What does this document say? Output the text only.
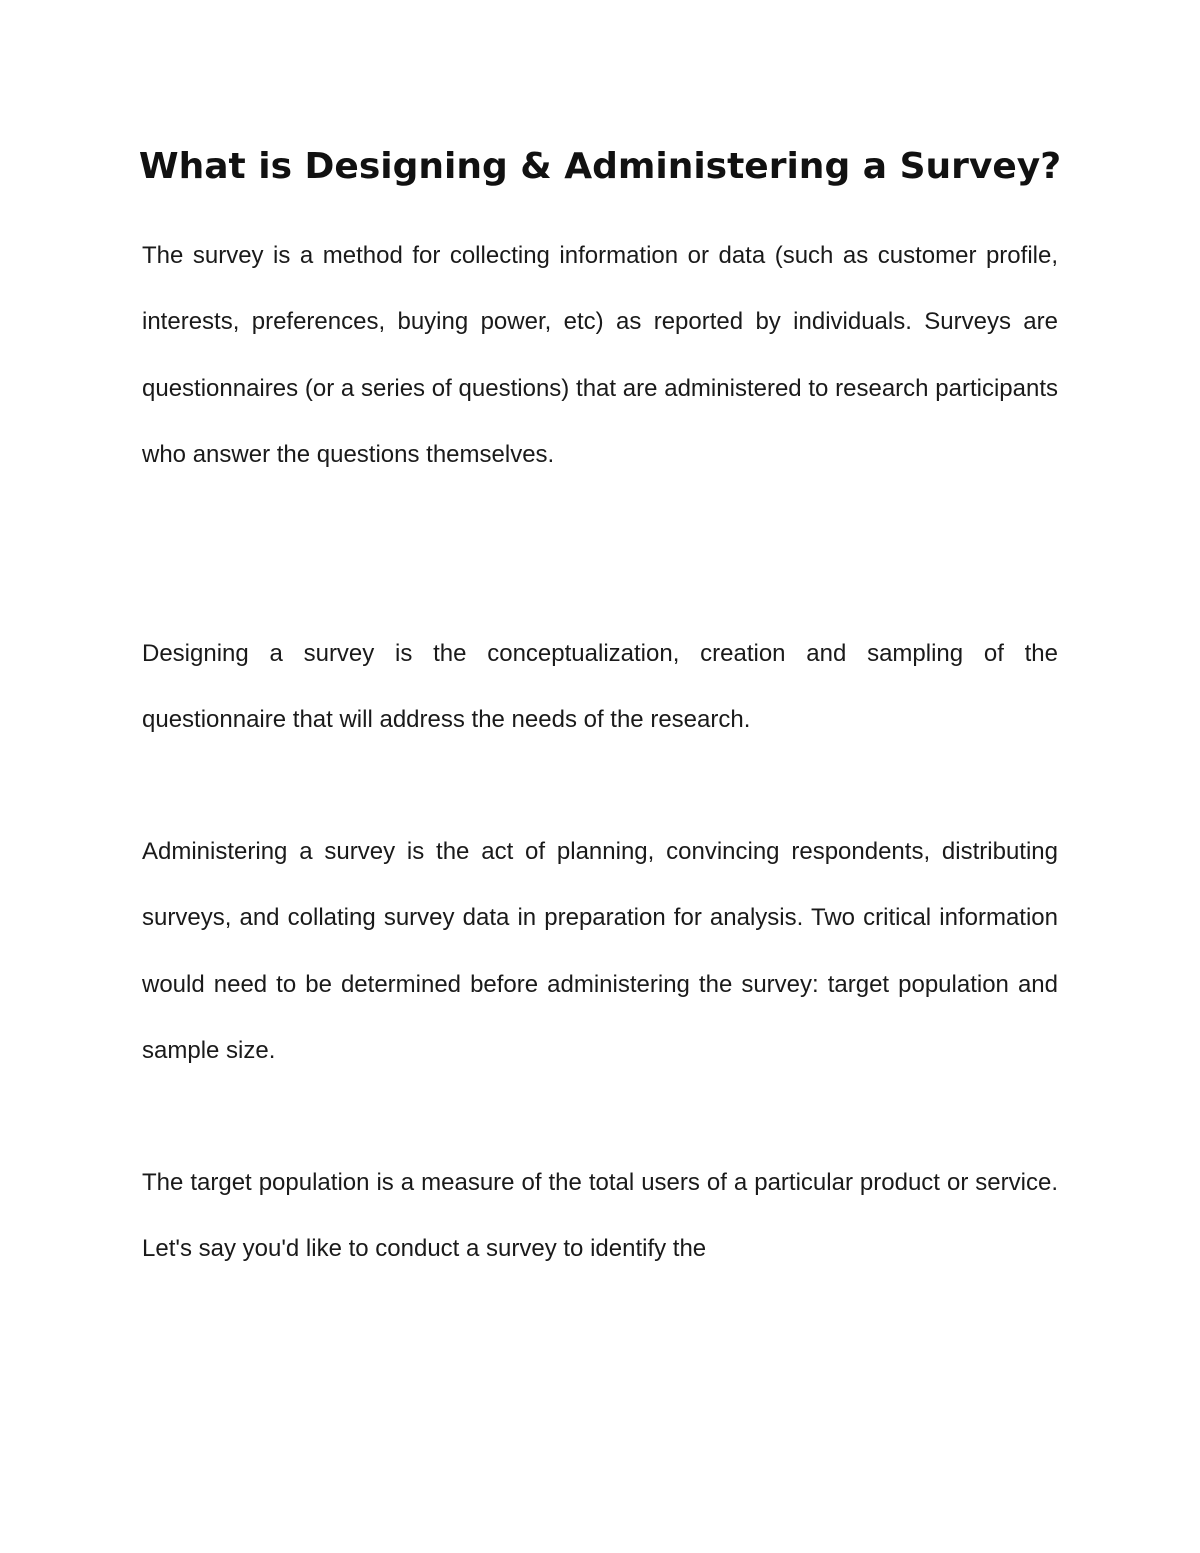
What is Designing & Administering a Survey?

The survey is a method for collecting information or data (such as customer profile, interests, preferences, buying power, etc) as reported by individuals. Surveys are questionnaires (or a series of questions) that are administered to research participants who answer the questions themselves.

Designing a survey is the conceptualization, creation and sampling of the questionnaire that will address the needs of the research.

Administering a survey is the act of planning, convincing respondents, distributing surveys, and collating survey data in preparation for analysis. Two critical information would need to be determined before administering the survey: target population and sample size.

The target population is a measure of the total users of a particular product or service. Let's say you'd like to conduct a survey to identify the
